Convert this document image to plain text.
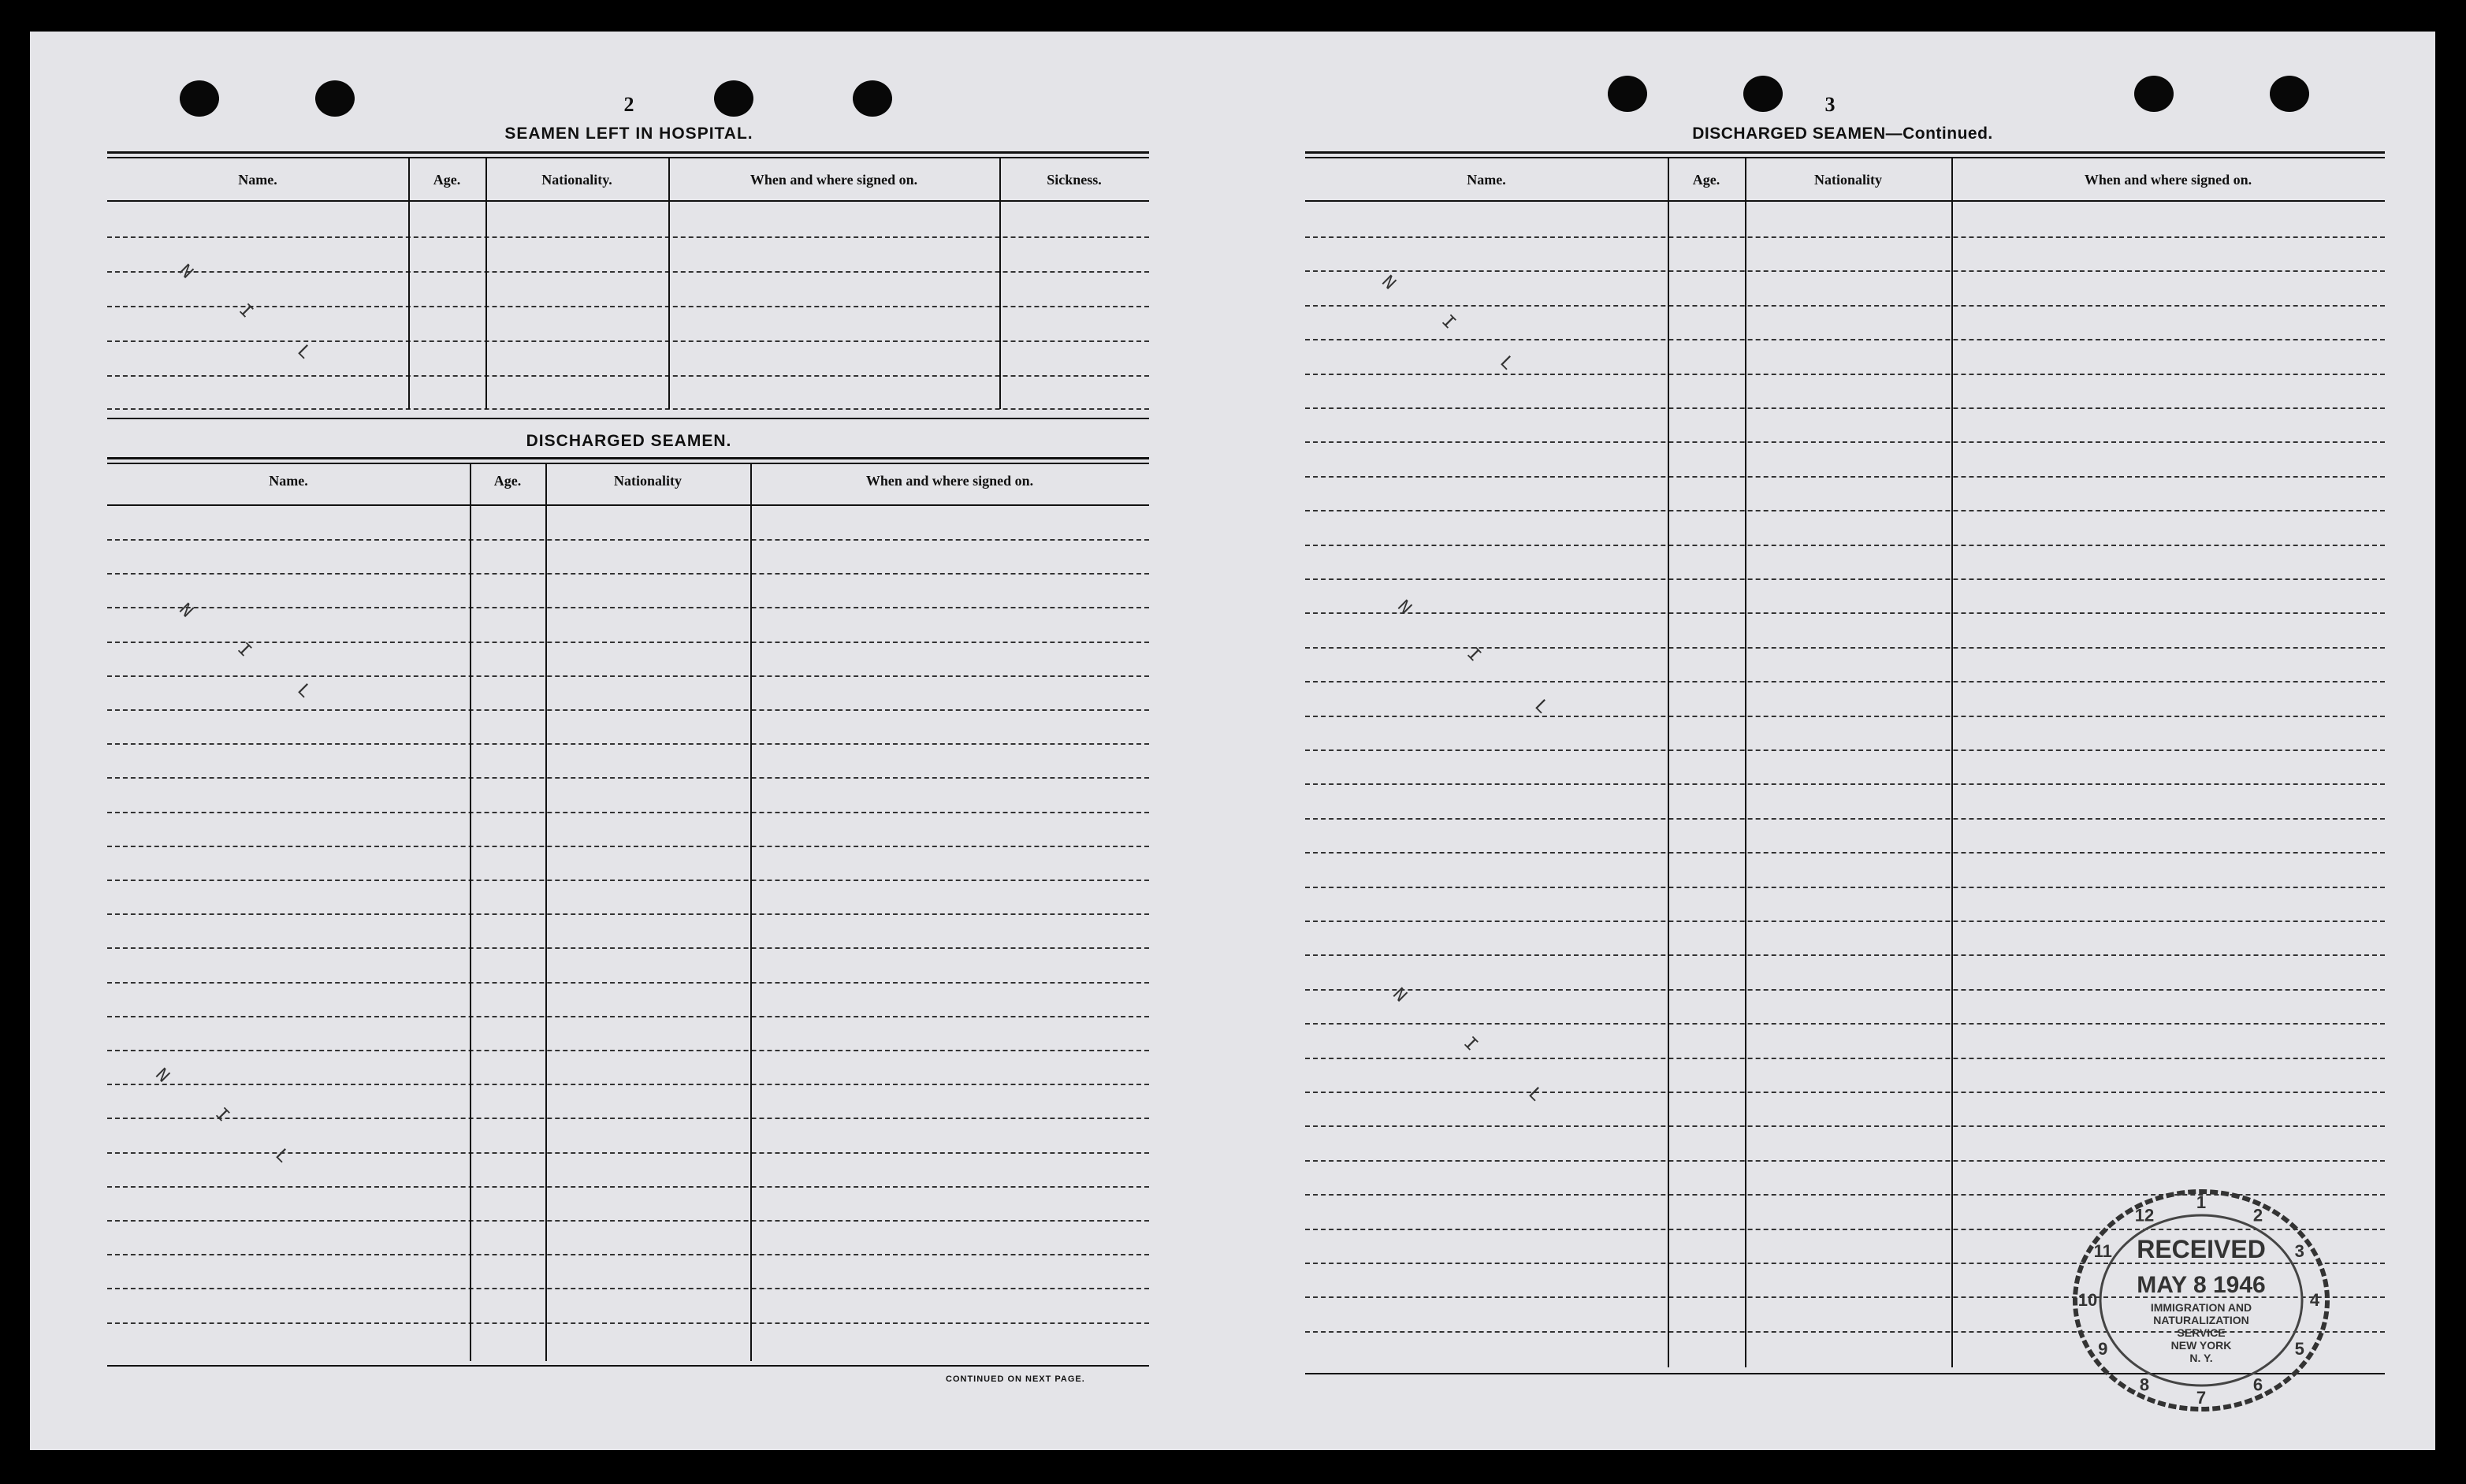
2
SEAMEN LEFT IN HOSPITAL.
Name.	Age.	Nationality.	When and where signed on.	Sickness.
DISCHARGED SEAMEN.
Name.	Age.	Nationality	When and where signed on.
CONTINUED ON NEXT PAGE.
3
DISCHARGED SEAMEN—Continued.
Name.	Age.	Nationality	When and where signed on.
N
I
L
N
I
L
N
I
L
N
I
L
N
I
L
N
I
L
1
2
3
4
5
6
7
8
9
10
11
12
RECEIVED
MAY 8 1946
IMMIGRATION AND
NATURALIZATION
SERVICE
NEW YORK
N. Y.
